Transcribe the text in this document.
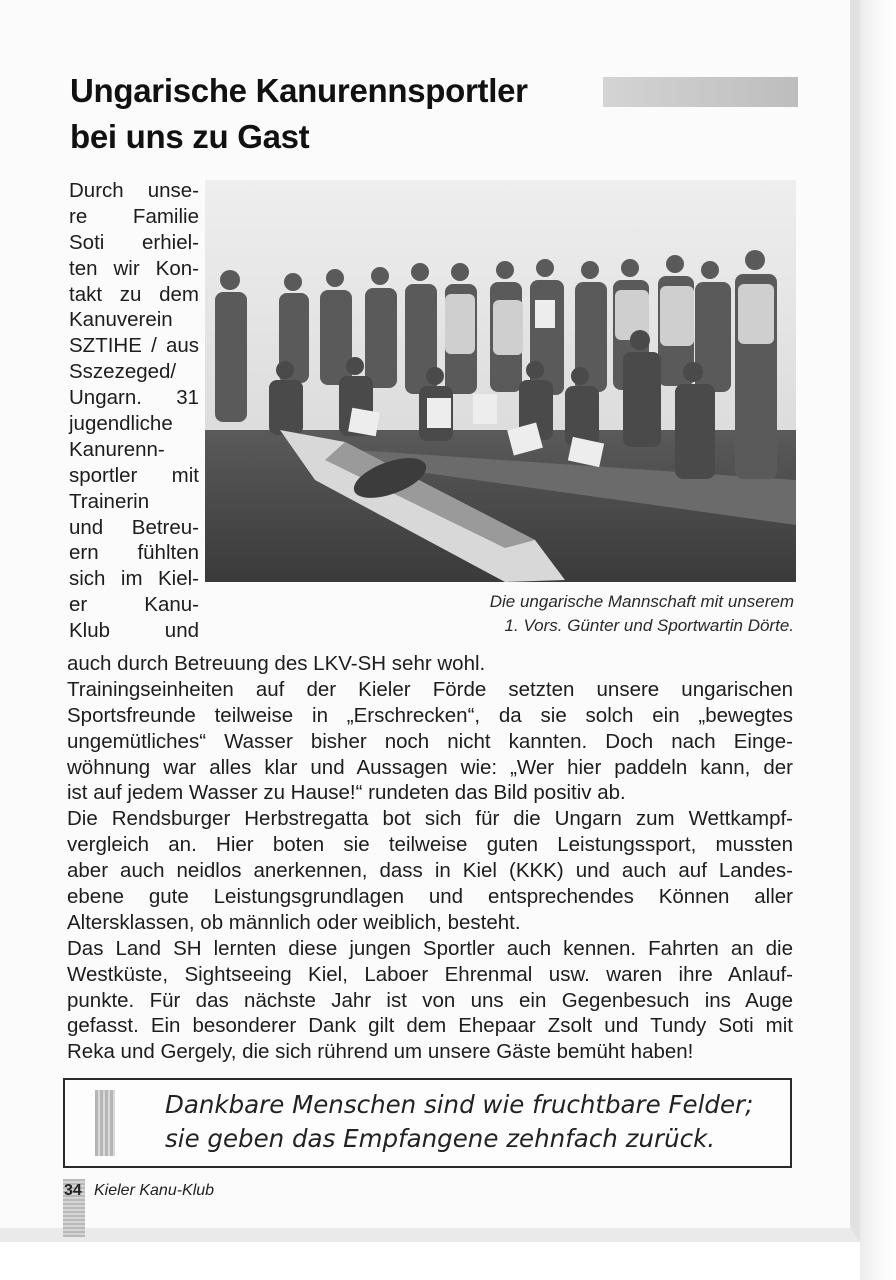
Ungarische Kanurennsportler
bei uns zu Gast
Durch unse-
re Familie
Soti erhiel-
ten wir Kon-
takt zu dem
Kanuverein
SZTIHE / aus
Sszezeged/
Ungarn. 31
jugendliche
Kanurenn-
sportler mit
Trainerin
und Betreu-
ern fühlten
sich im Kiel-
er Kanu-
Klub und
Die ungarische Mannschaft mit unserem
1. Vors. Günter und Sportwartin Dörte.
auch durch Betreuung des LKV-SH sehr wohl.
Trainingseinheiten auf der Kieler Förde setzten unsere ungarischen
Sportsfreunde teilweise in „Erschrecken“, da sie solch ein „bewegtes
ungemütliches“ Wasser bisher noch nicht kannten. Doch nach Einge-
wöhnung war alles klar und Aussagen wie: „Wer hier paddeln kann, der
ist auf jedem Wasser zu Hause!“ rundeten das Bild positiv ab.
Die Rendsburger Herbstregatta bot sich für die Ungarn zum Wettkampf-
vergleich an. Hier boten sie teilweise guten Leistungssport, mussten
aber auch neidlos anerkennen, dass in Kiel (KKK) und auch auf Landes-
ebene gute Leistungsgrundlagen und entsprechendes Können aller
Altersklassen, ob männlich oder weiblich, besteht.
Das Land SH lernten diese jungen Sportler auch kennen. Fahrten an die
Westküste, Sightseeing Kiel, Laboer Ehrenmal usw. waren ihre Anlauf-
punkte. Für das nächste Jahr ist von uns ein Gegenbesuch ins Auge
gefasst. Ein besonderer Dank gilt dem Ehepaar Zsolt und Tundy Soti mit
Reka und Gergely, die sich rührend um unsere Gäste bemüht haben!
Dankbare Menschen sind wie fruchtbare Felder;
sie geben das Empfangene zehnfach zurück.
34 Kieler Kanu-Klub
